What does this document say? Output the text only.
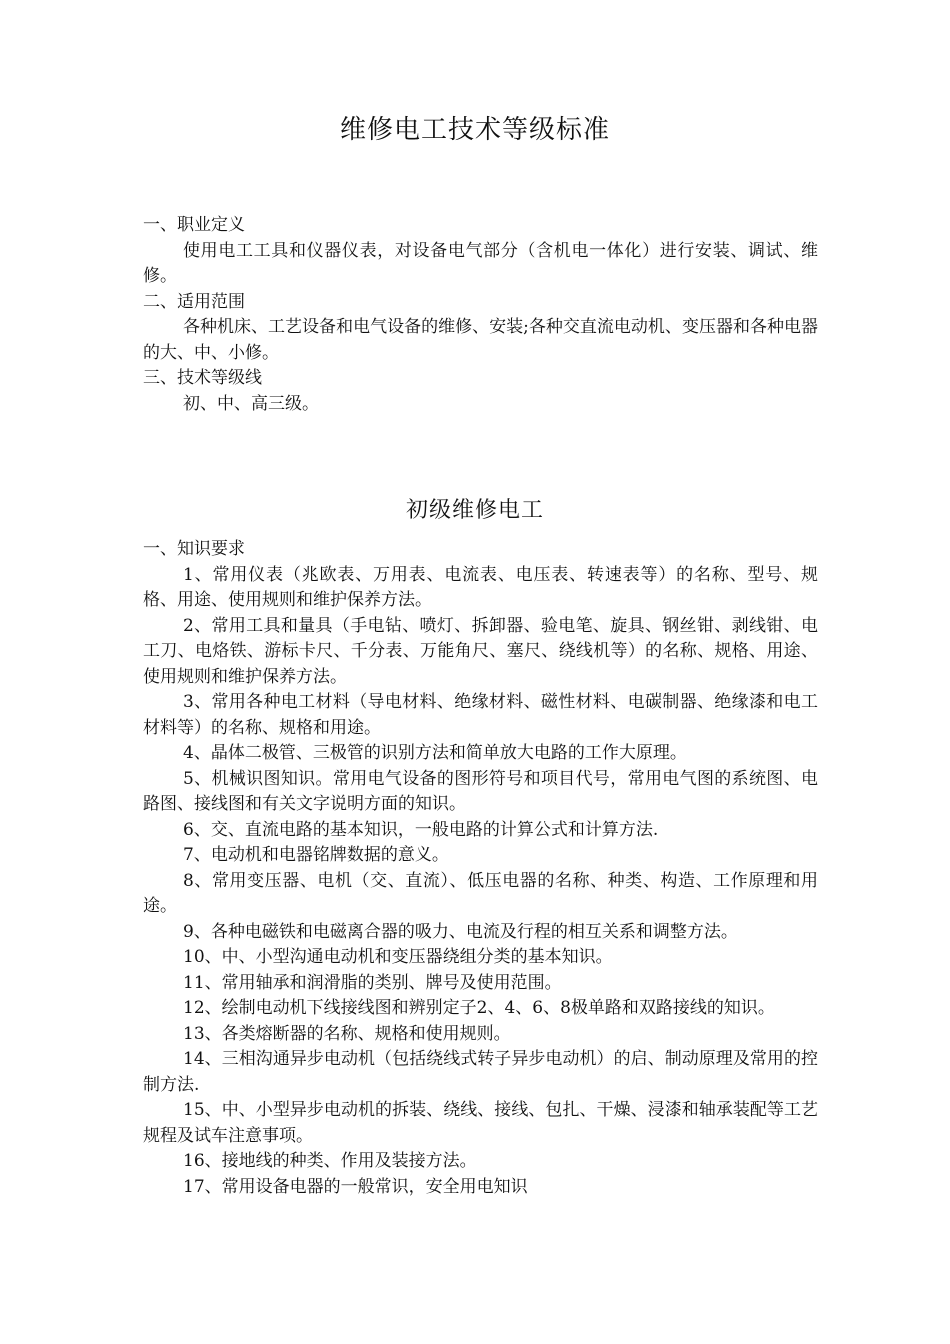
维修电工技术等级标准

一、职业定义

使用电工工具和仪器仪表，对设备电气部分（含机电一体化）进行安装、调试、维修。

二、适用范围

各种机床、工艺设备和电气设备的维修、安装;各种交直流电动机、变压器和各种电器的大、中、小修。

三、技术等级线

初、中、高三级。

初级维修电工

一、知识要求

1、常用仪表（兆欧表、万用表、电流表、电压表、转速表等）的名称、型号、规格、用途、使用规则和维护保养方法。

2、常用工具和量具（手电钻、喷灯、拆卸器、验电笔、旋具、钢丝钳、剥线钳、电工刀、电烙铁、游标卡尺、千分表、万能角尺、塞尺、绕线机等）的名称、规格、用途、使用规则和维护保养方法。

3、常用各种电工材料（导电材料、绝缘材料、磁性材料、电碳制器、绝缘漆和电工材料等）的名称、规格和用途。

4、晶体二极管、三极管的识别方法和简单放大电路的工作大原理。

5、机械识图知识。常用电气设备的图形符号和项目代号，常用电气图的系统图、电路图、接线图和有关文字说明方面的知识。

6、交、直流电路的基本知识，一般电路的计算公式和计算方法.

7、电动机和电器铭牌数据的意义。

8、常用变压器、电机（交、直流）、低压电器的名称、种类、构造、工作原理和用途。

9、各种电磁铁和电磁离合器的吸力、电流及行程的相互关系和调整方法。

10、中、小型沟通电动机和变压器绕组分类的基本知识。

11、常用轴承和润滑脂的类别、牌号及使用范围。

12、绘制电动机下线接线图和辨别定子2、4、6、8极单路和双路接线的知识。

13、各类熔断器的名称、规格和使用规则。

14、三相沟通异步电动机（包括绕线式转子异步电动机）的启、制动原理及常用的控制方法.

15、中、小型异步电动机的拆装、绕线、接线、包扎、干燥、浸漆和轴承装配等工艺规程及试车注意事项。

16、接地线的种类、作用及装接方法。

17、常用设备电器的一般常识，安全用电知识
